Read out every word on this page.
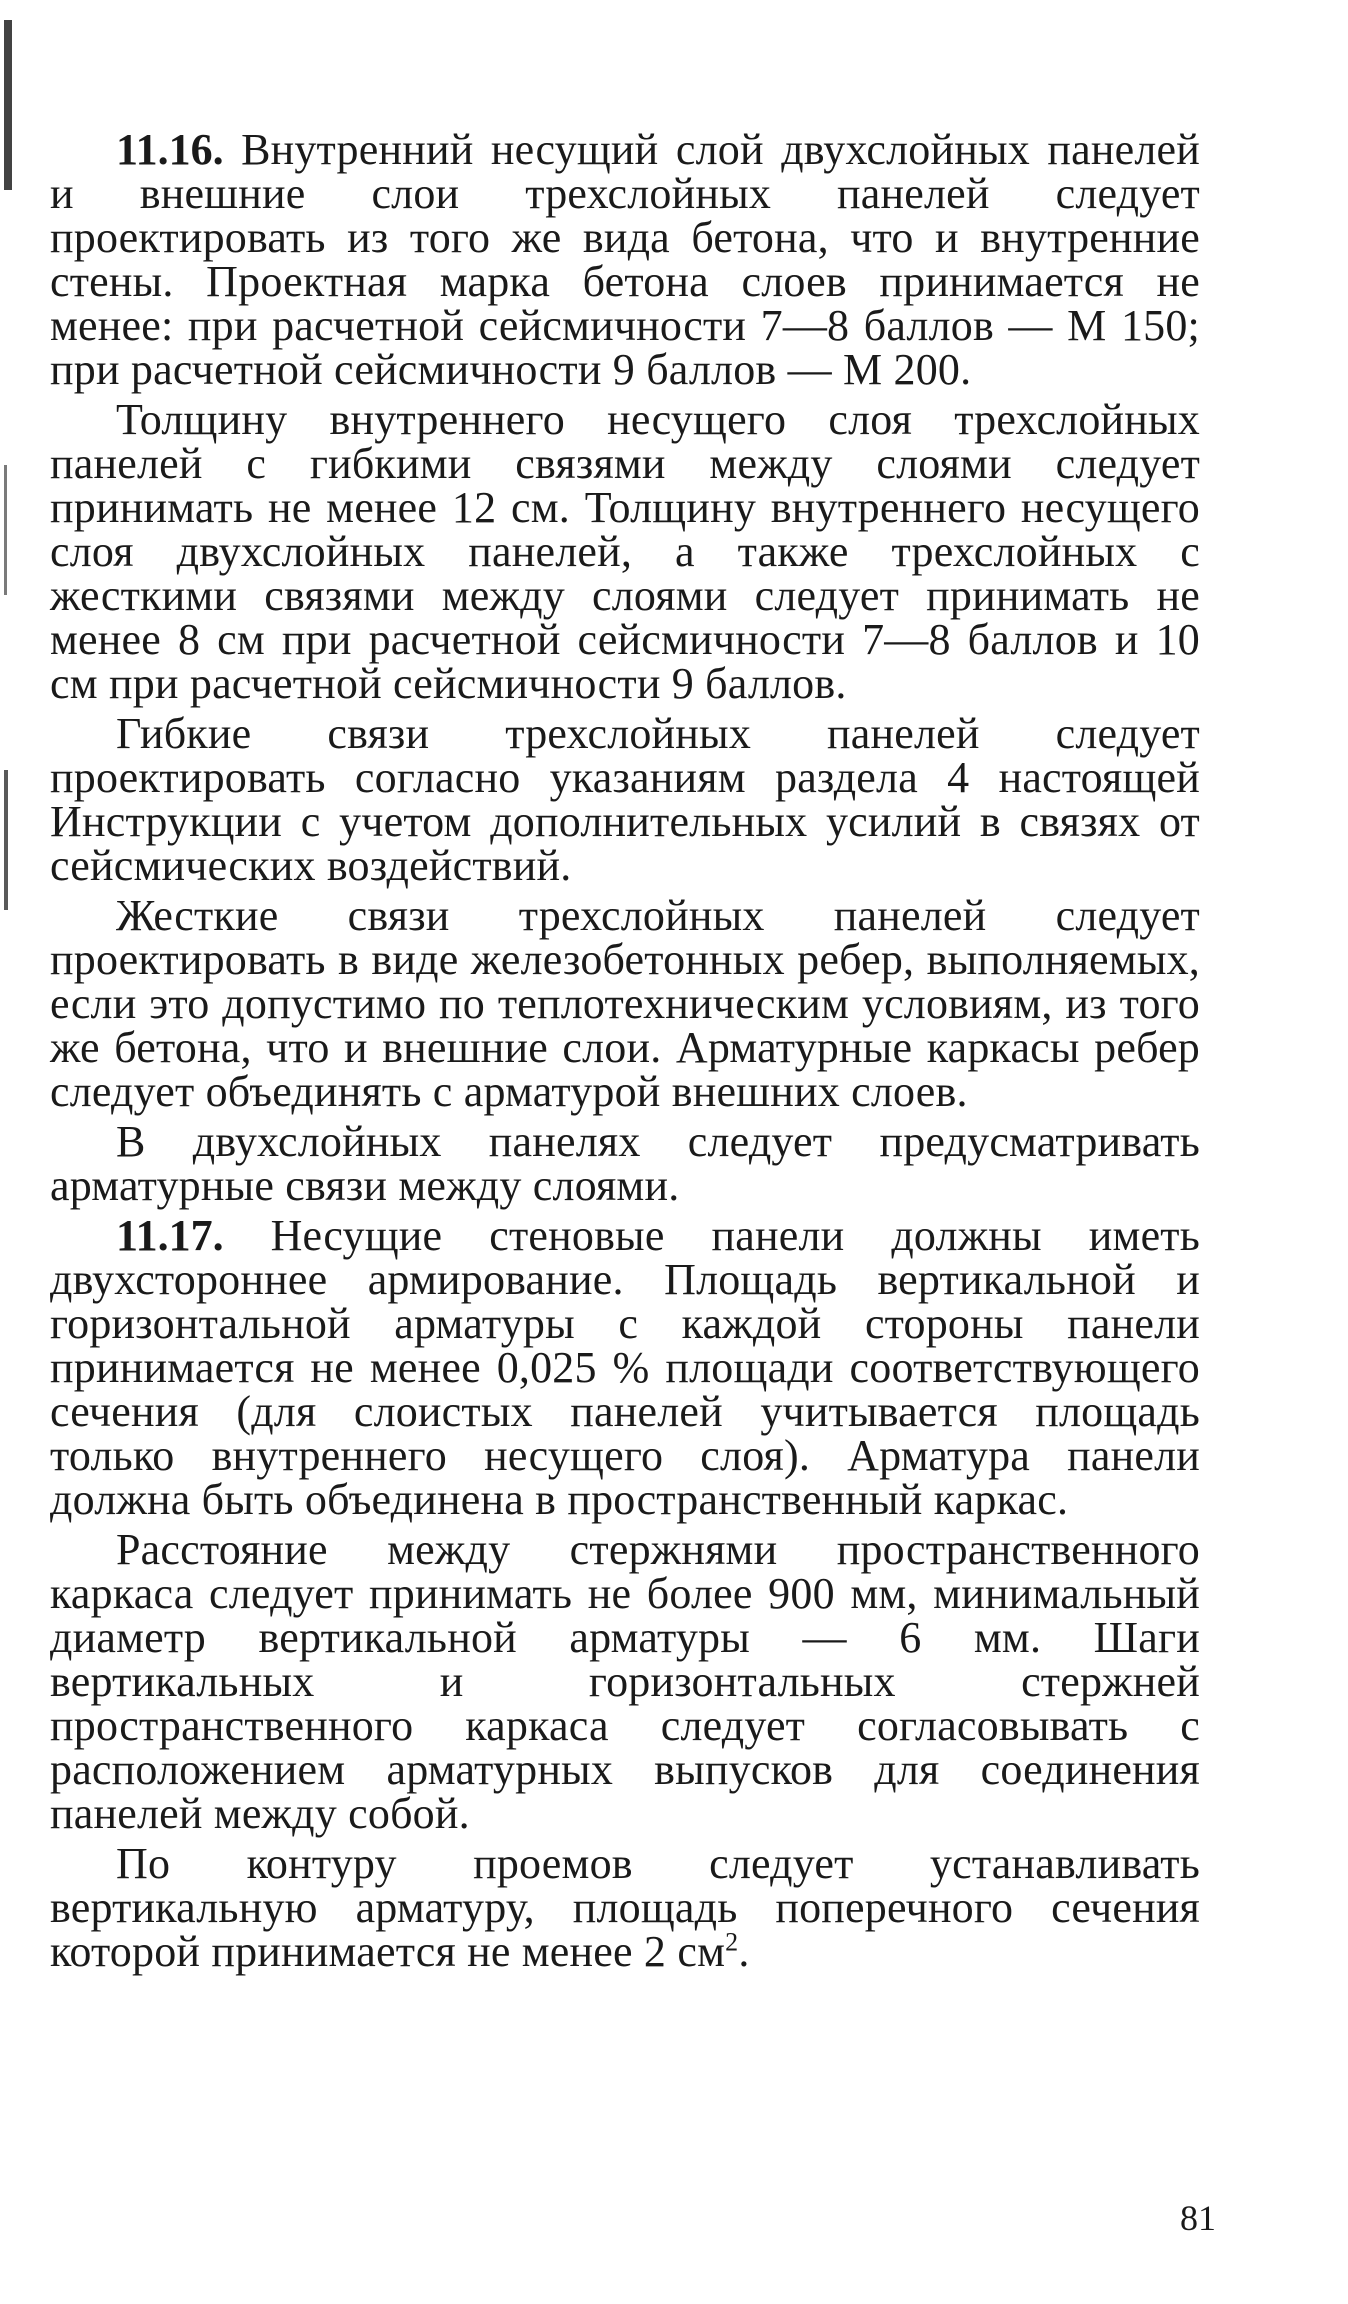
11.16. Внутренний несущий слой двухслойных панелей и внешние слои трехслойных панелей следует проектировать из того же вида бетона, что и внутренние стены. Проектная марка бетона слоев принимается не менее: при расчетной сейсмичности 7—8 баллов — М 150; при расчетной сейсмичности 9 баллов — М 200.

Толщину внутреннего несущего слоя трехслойных панелей с гибкими связями между слоями следует принимать не менее 12 см. Толщину внутреннего несущего слоя двухслойных панелей, а также трехслойных с жесткими связями между слоями следует принимать не менее 8 см при расчетной сейсмичности 7—8 баллов и 10 см при расчетной сейсмичности 9 баллов.

Гибкие связи трехслойных панелей следует проектировать согласно указаниям раздела 4 настоящей Инструкции с учетом дополнительных усилий в связях от сейсмических воздействий.

Жесткие связи трехслойных панелей следует проектировать в виде железобетонных ребер, выполняемых, если это допустимо по теплотехническим условиям, из того же бетона, что и внешние слои. Арматурные каркасы ребер следует объединять с арматурой внешних слоев.

В двухслойных панелях следует предусматривать арматурные связи между слоями.

11.17. Несущие стеновые панели должны иметь двухстороннее армирование. Площадь вертикальной и горизонтальной арматуры с каждой стороны панели принимается не менее 0,025 % площади соответствующего сечения (для слоистых панелей учитывается площадь только внутреннего несущего слоя). Арматура панели должна быть объединена в пространственный каркас.

Расстояние между стержнями пространственного каркаса следует принимать не более 900 мм, минимальный диаметр вертикальной арматуры — 6 мм. Шаги вертикальных и горизонтальных стержней пространственного каркаса следует согласовывать с расположением арматурных выпусков для соединения панелей между собой.

По контуру проемов следует устанавливать вертикальную арматуру, площадь поперечного сечения которой принимается не менее 2 $см^2$.

81
